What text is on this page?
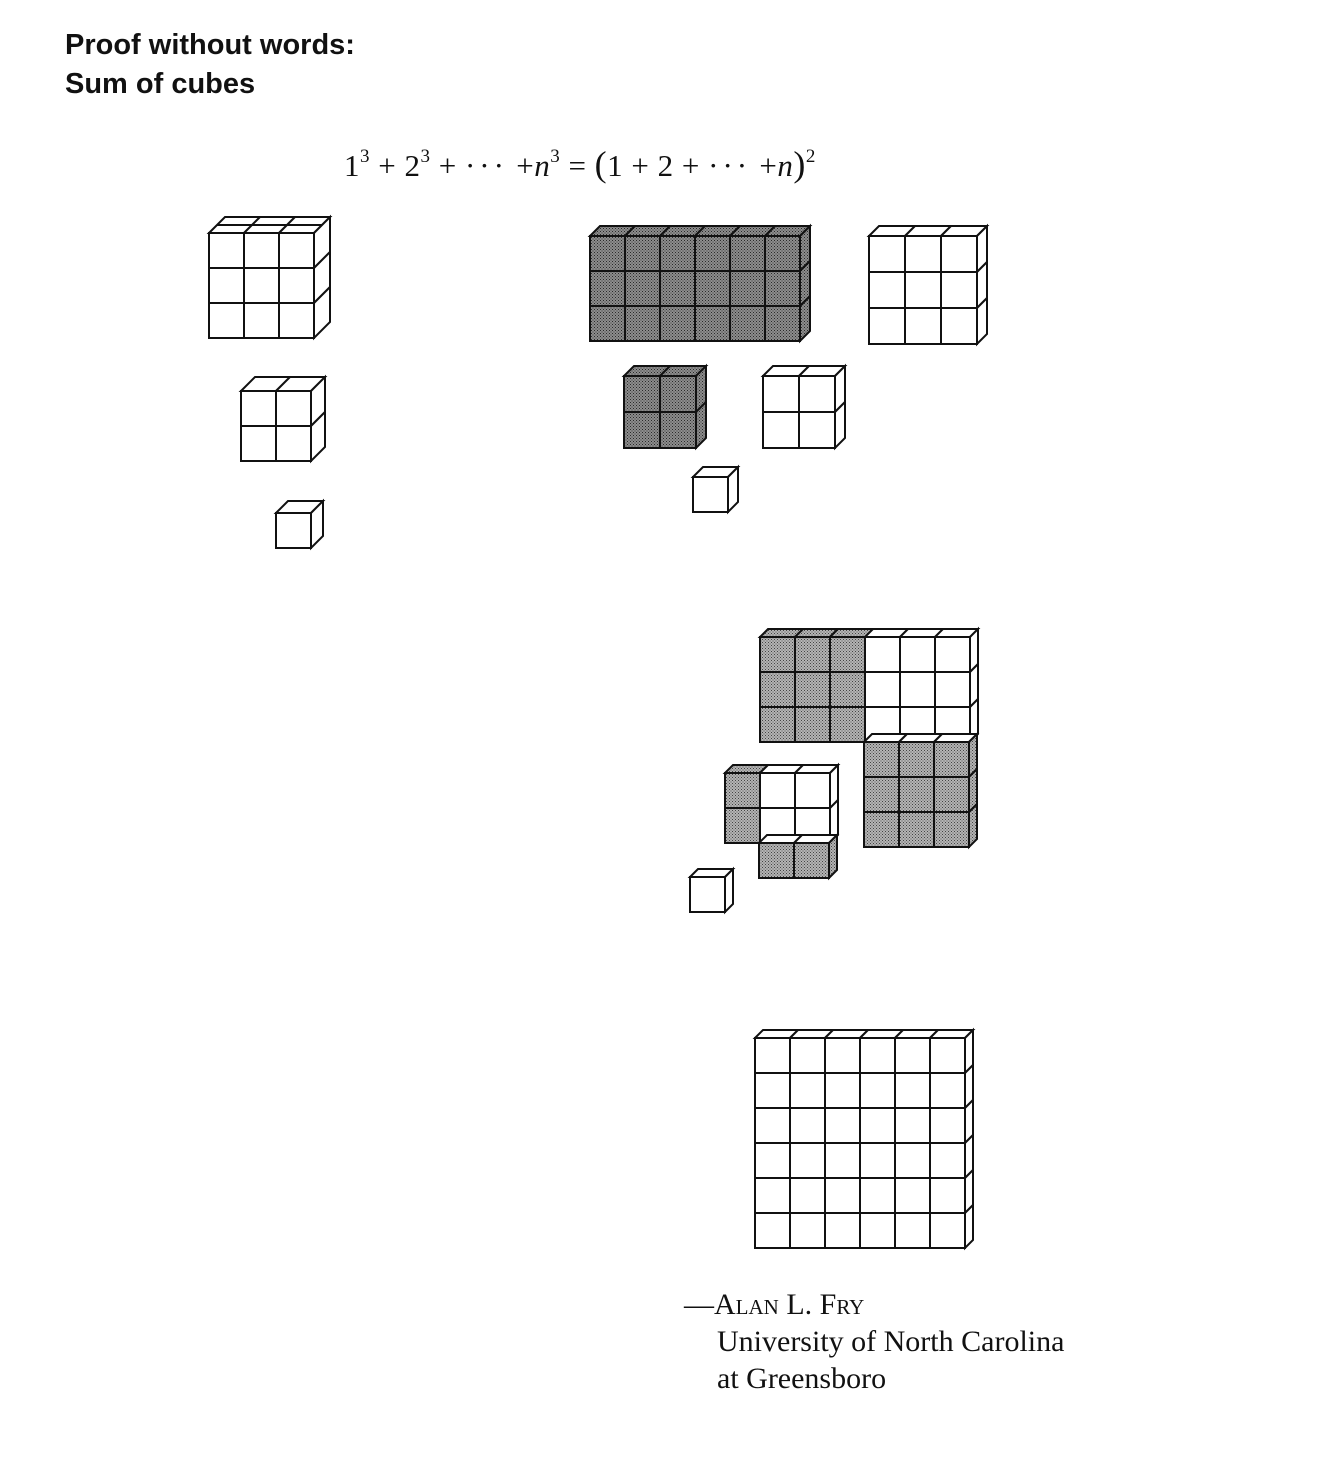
Proof without words:
Sum of cubes
$1^3 + 2^3$ + ··· $+n^3 = (1 + 2$ + ··· +n)$^2$
—Alan L. Fry
University of North Carolina
at Greensboro
